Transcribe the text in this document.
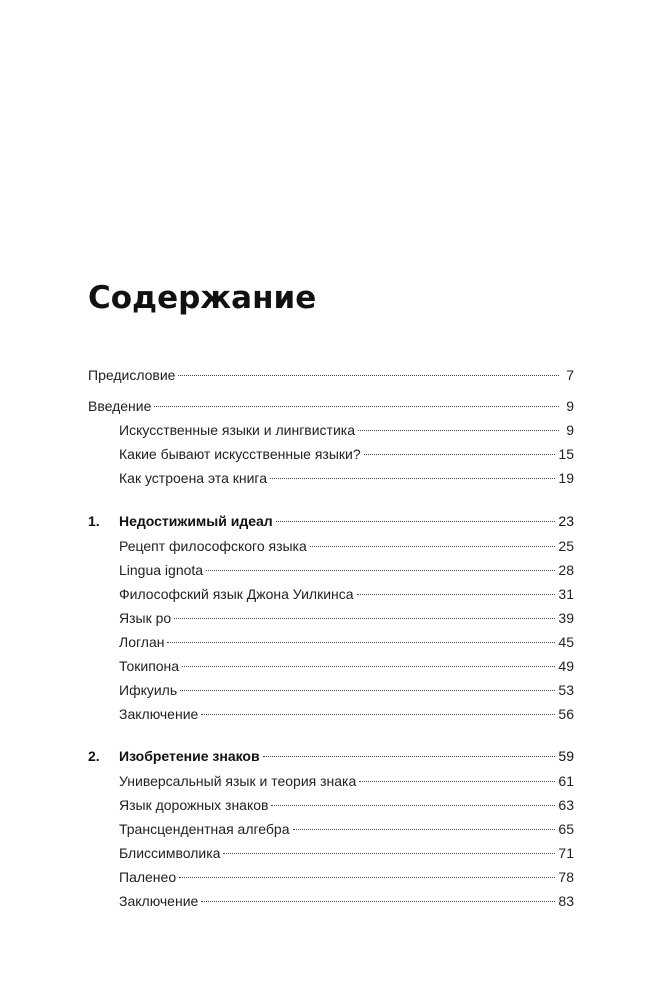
Содержание
Предисловие	7
Введение	9
Искусственные языки и лингвистика	9
Какие бывают искусственные языки?	15
Как устроена эта книга	19
1.	Недостижимый идеал	23
Рецепт философского языка	25
Lingua ignota	28
Философский язык Джона Уилкинса	31
Язык ро	39
Логлан	45
Токипона	49
Ифкуиль	53
Заключение	56
2.	Изобретение знаков	59
Универсальный язык и теория знака	61
Язык дорожных знаков	63
Трансцендентная алгебра	65
Блиссимволика	71
Паленео	78
Заключение	83
